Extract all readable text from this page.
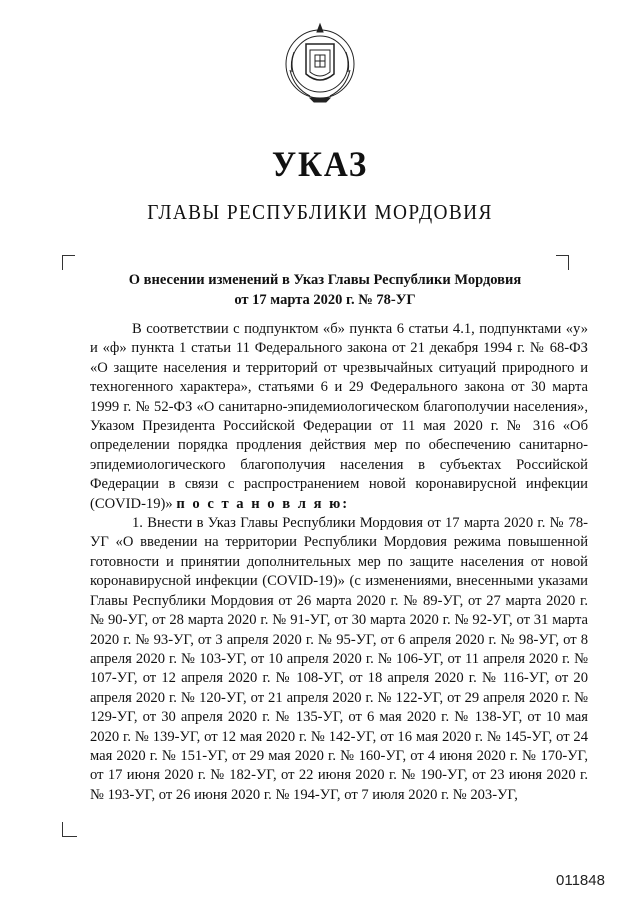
УКАЗ
ГЛАВЫ РЕСПУБЛИКИ МОРДОВИЯ
О внесении изменений в Указ Главы Республики Мордовия
от 17 марта 2020 г. № 78-УГ

В соответствии с подпунктом «б» пункта 6 статьи 4.1, подпунктами «у» и «ф» пункта 1 статьи 11 Федерального закона от 21 декабря 1994 г. № 68-ФЗ «О защите населения и территорий от чрезвычайных ситуаций природного и техногенного характера», статьями 6 и 29 Федерального закона от 30 марта 1999 г. № 52-ФЗ «О санитарно-эпидемиологическом благополучии населения», Указом Президента Российской Федерации от 11 мая 2020 г. № 316 «Об определении порядка продления действия мер по обеспечению санитарно-эпидемиологического благополучия населения в субъектах Российской Федерации в связи с распространением новой коронавирусной инфекции (COVID-19)» п о с т а н о в л я ю:

1. Внести в Указ Главы Республики Мордовия от 17 марта 2020 г. № 78-УГ «О введении на территории Республики Мордовия режима повышенной готовности и принятии дополнительных мер по защите населения от новой коронавирусной инфекции (COVID-19)» (с изменениями, внесенными указами Главы Республики Мордовия от 26 марта 2020 г. № 89-УГ, от 27 марта 2020 г. № 90-УГ, от 28 марта 2020 г. № 91-УГ, от 30 марта 2020 г. № 92-УГ, от 31 марта 2020 г. № 93-УГ, от 3 апреля 2020 г. № 95-УГ, от 6 апреля 2020 г. № 98-УГ, от 8 апреля 2020 г. № 103-УГ, от 10 апреля 2020 г. № 106-УГ, от 11 апреля 2020 г. № 107-УГ, от 12 апреля 2020 г. № 108-УГ, от 18 апреля 2020 г. № 116-УГ, от 20 апреля 2020 г. № 120-УГ, от 21 апреля 2020 г. № 122-УГ, от 29 апреля 2020 г. № 129-УГ, от 30 апреля 2020 г. № 135-УГ, от 6 мая 2020 г. № 138-УГ, от 10 мая 2020 г. № 139-УГ, от 12 мая 2020 г. № 142-УГ, от 16 мая 2020 г. № 145-УГ, от 24 мая 2020 г. № 151-УГ, от 29 мая 2020 г. № 160-УГ, от 4 июня 2020 г. № 170-УГ, от 17 июня 2020 г. № 182-УГ, от 22 июня 2020 г. № 190-УГ, от 23 июня 2020 г. № 193-УГ, от 26 июня 2020 г. № 194-УГ, от 7 июля 2020 г. № 203-УГ,

011848
